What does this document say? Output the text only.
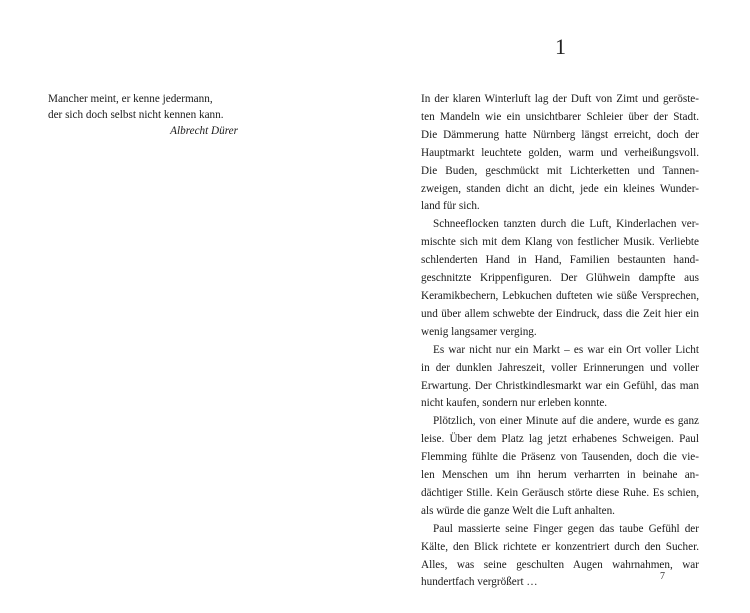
Mancher meint, er kenne jedermann,
der sich doch selbst nicht kennen kann.
Albrecht Dürer
1
In der klaren Winterluft lag der Duft von Zimt und geröste-
ten Mandeln wie ein unsichtbarer Schleier über der Stadt.
Die Dämmerung hatte Nürnberg längst erreicht, doch der
Hauptmarkt leuchtete golden, warm und verheißungsvoll.
Die Buden, geschmückt mit Lichterketten und Tannen-
zweigen, standen dicht an dicht, jede ein kleines Wunder-
land für sich.
Schneeflocken tanzten durch die Luft, Kinderlachen ver-
mischte sich mit dem Klang von festlicher Musik. Verliebte
schlenderten Hand in Hand, Familien bestaunten hand-
geschnitzte Krippenfiguren. Der Glühwein dampfte aus
Keramikbechern, Lebkuchen dufteten wie süße Versprechen,
und über allem schwebte der Eindruck, dass die Zeit hier ein
wenig langsamer verging.
Es war nicht nur ein Markt – es war ein Ort voller Licht
in der dunklen Jahreszeit, voller Erinnerungen und voller
Erwartung. Der Christkindlesmarkt war ein Gefühl, das man
nicht kaufen, sondern nur erleben konnte.
Plötzlich, von einer Minute auf die andere, wurde es ganz
leise. Über dem Platz lag jetzt erhabenes Schweigen. Paul
Flemming fühlte die Präsenz von Tausenden, doch die vie-
len Menschen um ihn herum verharrten in beinahe an-
dächtiger Stille. Kein Geräusch störte diese Ruhe. Es schien,
als würde die ganze Welt die Luft anhalten.
Paul massierte seine Finger gegen das taube Gefühl der
Kälte, den Blick richtete er konzentriert durch den Sucher.
Alles, was seine geschulten Augen wahrnahmen, war
hundertfach vergrößert …	7
